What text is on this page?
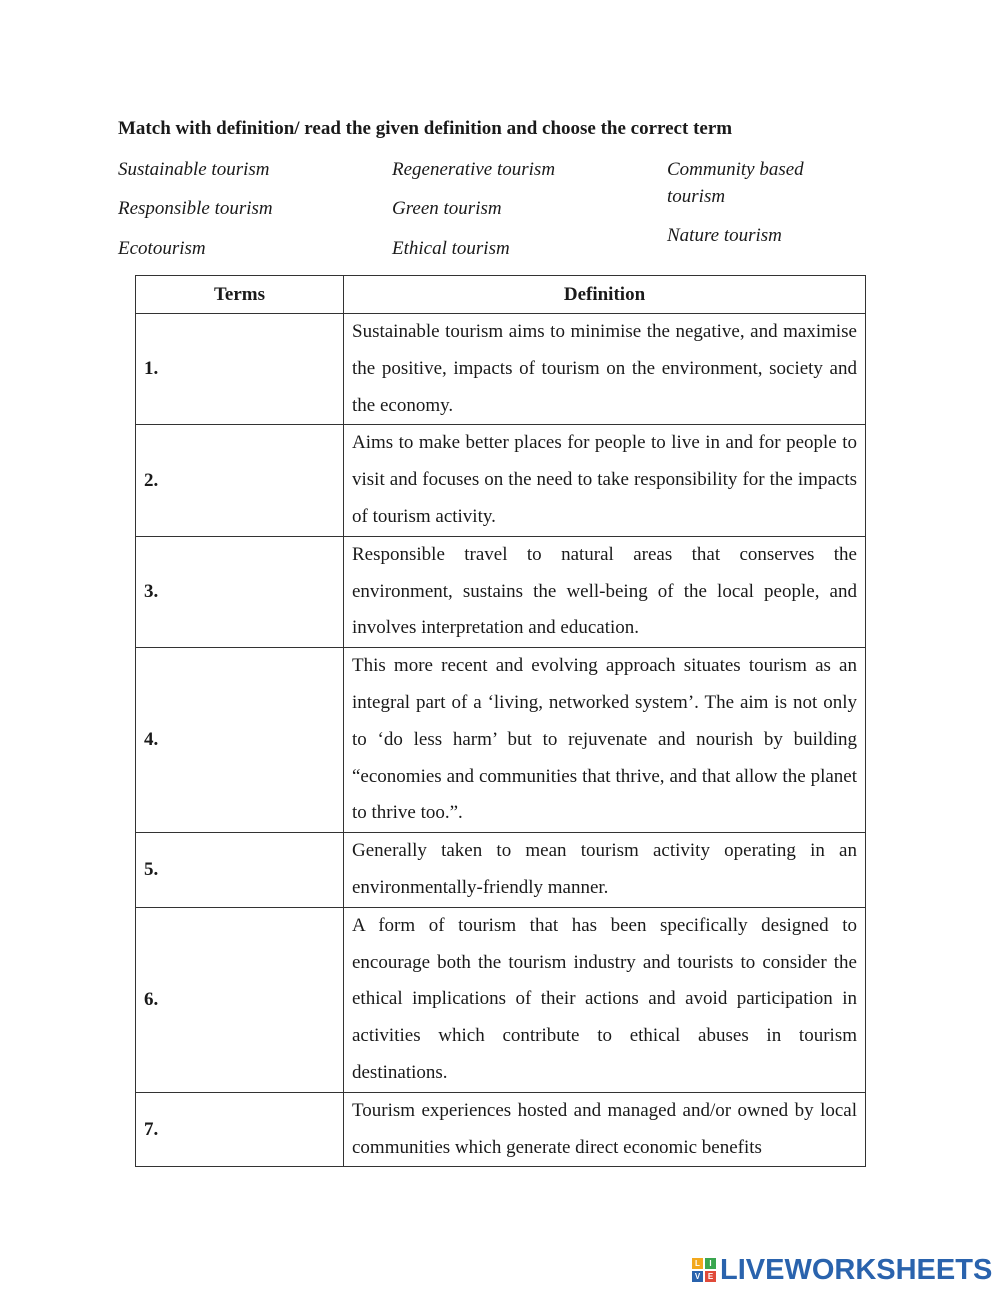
Match with definition/ read the given definition and choose the correct term
Sustainable tourism	Regenerative tourism	Community based tourism
Responsible tourism	Green tourism
Ecotourism	Ethical tourism
Nature tourism
Terms	Definition
1.	Sustainable tourism aims to minimise the negative, and maximise the positive, impacts of tourism on the environment, society and the economy.
2.	Aims to make better places for people to live in and for people to visit and focuses on the need to take responsibility for the impacts of tourism activity.
3.	Responsible travel to natural areas that conserves the environment, sustains the well-being of the local people, and involves interpretation and education.
4.	This more recent and evolving approach situates tourism as an integral part of a ‘living, networked system’. The aim is not only to ‘do less harm’ but to rejuvenate and nourish by building “economies and communities that thrive, and that allow the planet to thrive too.”.
5.	Generally taken to mean tourism activity operating in an environmentally-friendly manner.
6.	A form of tourism that has been specifically designed to encourage both the tourism industry and tourists to consider the ethical implications of their actions and avoid participation in activities which contribute to ethical abuses in tourism destinations.
7.	Tourism experiences hosted and managed and/or owned by local communities which generate direct economic benefits
L	I
V E LIVEWORKSHEETS
